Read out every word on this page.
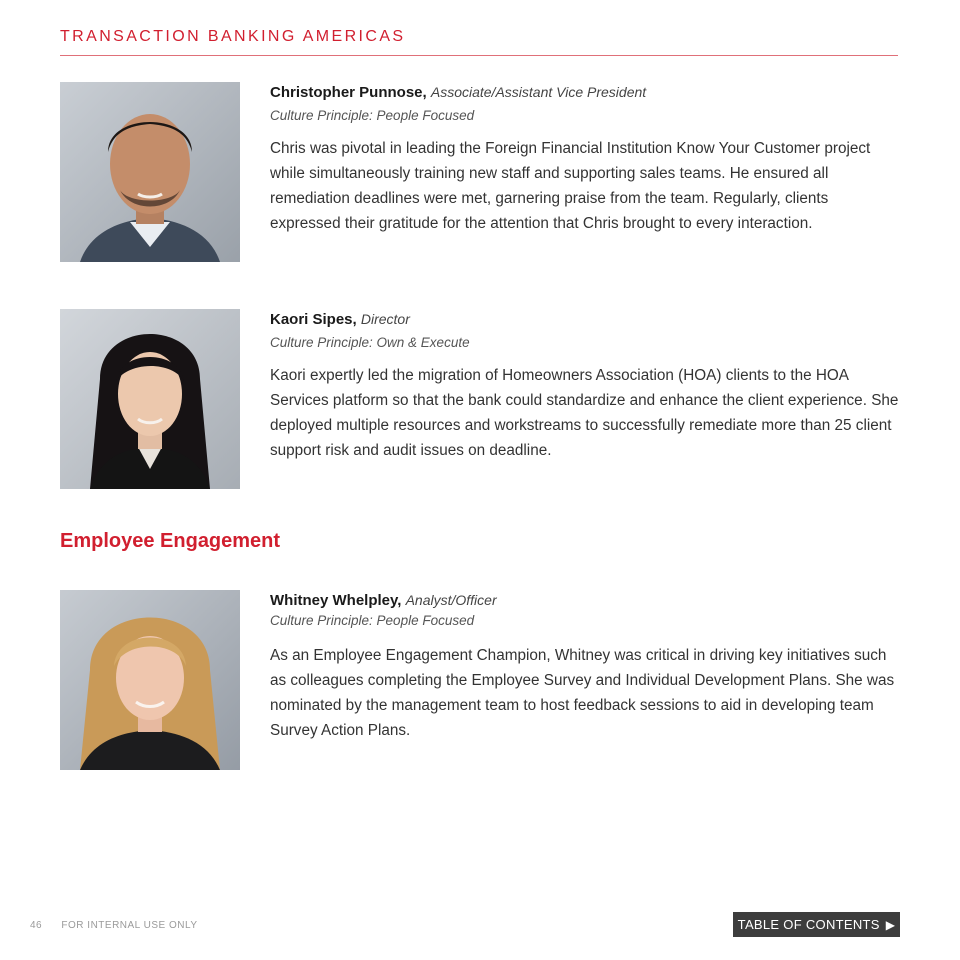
TRANSACTION BANKING AMERICAS
Christopher Punnose, Associate/Assistant Vice President
Culture Principle: People Focused
Chris was pivotal in leading the Foreign Financial Institution Know Your Customer project while simultaneously training new staff and supporting sales teams. He ensured all remediation deadlines were met, garnering praise from the team. Regularly, clients expressed their gratitude for the attention that Chris brought to every interaction.
Kaori Sipes, Director
Culture Principle: Own & Execute
Kaori expertly led the migration of Homeowners Association (HOA) clients to the HOA Services platform so that the bank could standardize and enhance the client experience. She deployed multiple resources and workstreams to successfully remediate more than 25 client support risk and audit issues on deadline.
Employee Engagement
Whitney Whelpley, Analyst/Officer
Culture Principle: People Focused
As an Employee Engagement Champion, Whitney was critical in driving key initiatives such as colleagues completing the Employee Survey and Individual Development Plans. She was nominated by the management team to host feedback sessions to aid in developing team Survey Action Plans.
46 FOR INTERNAL USE ONLY	TABLE OF CONTENTS ▶
